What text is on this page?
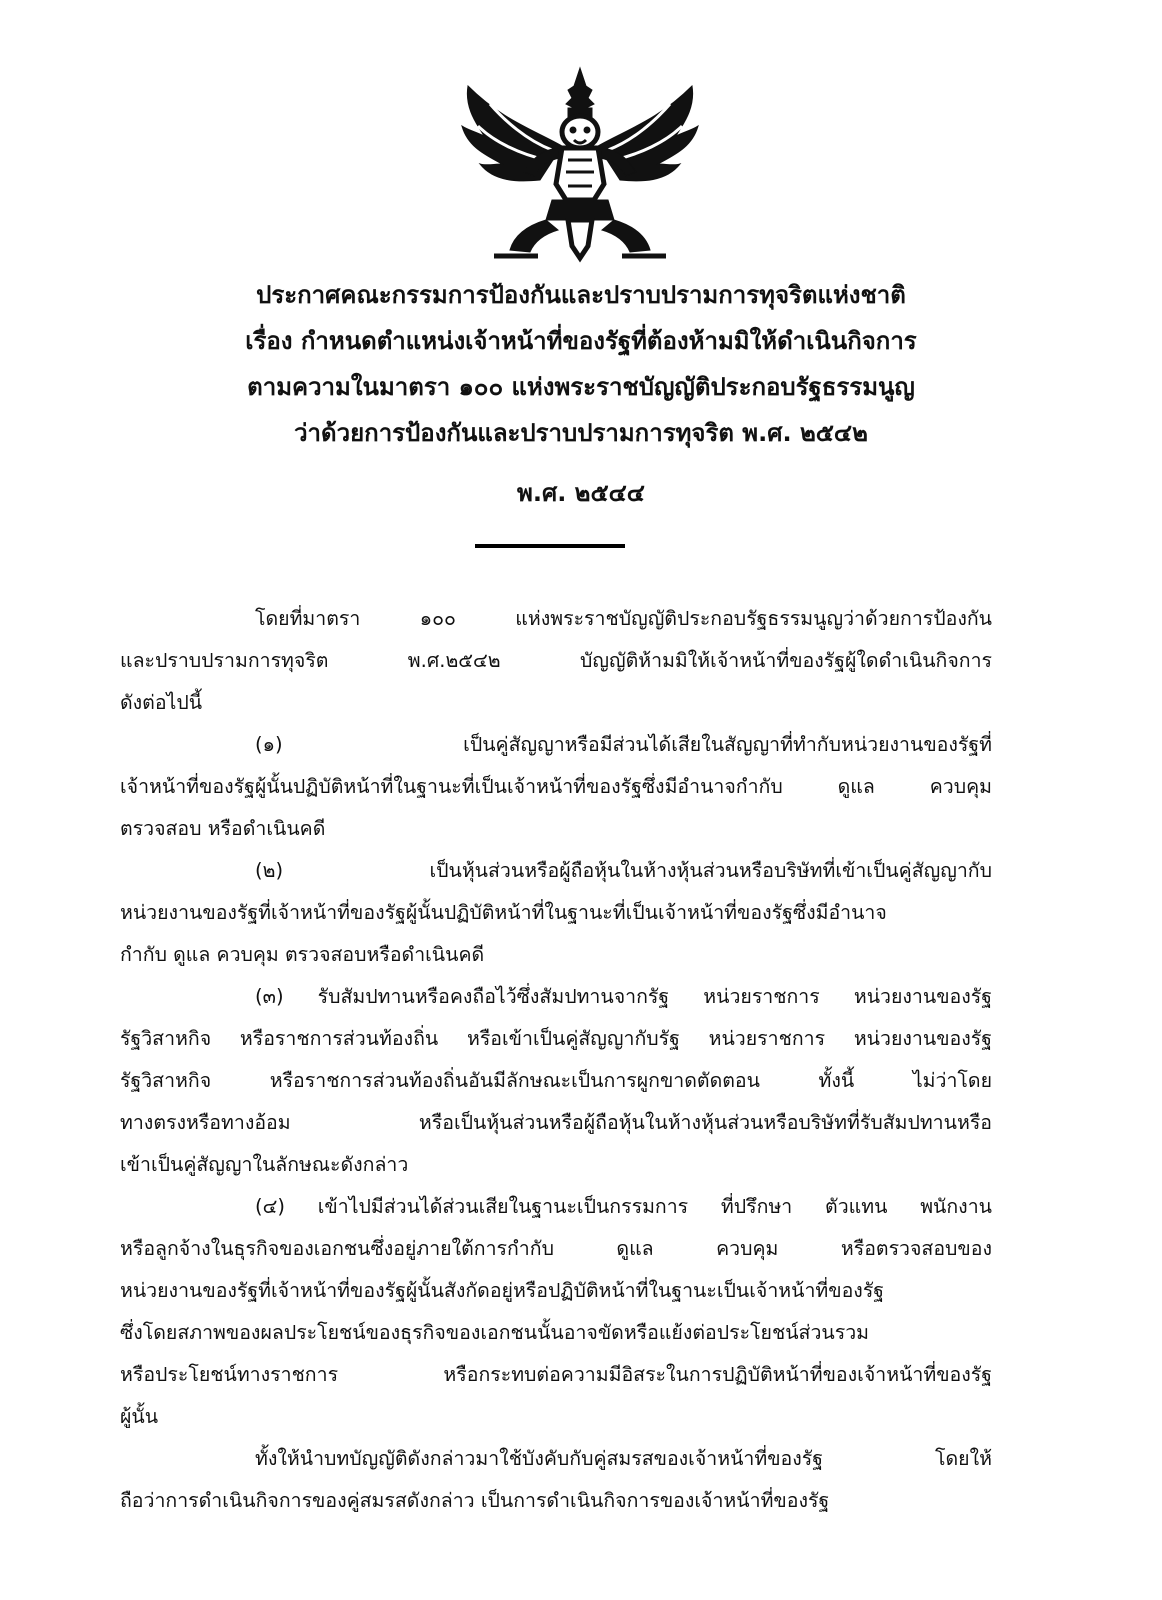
ประกาศคณะกรรมการป้องกันและปราบปรามการทุจริตแห่งชาติ
เรื่อง กำหนดตำแหน่งเจ้าหน้าที่ของรัฐที่ต้องห้ามมิให้ดำเนินกิจการ
ตามความในมาตรา ๑๐๐ แห่งพระราชบัญญัติประกอบรัฐธรรมนูญ
ว่าด้วยการป้องกันและปราบปรามการทุจริต พ.ศ. ๒๕๔๒
พ.ศ. ๒๕๔๔
โดยที่มาตรา ๑๐๐ แห่งพระราชบัญญัติประกอบรัฐธรรมนูญว่าด้วยการป้องกัน
และปราบปรามการทุจริต พ.ศ.๒๕๔๒ บัญญัติห้ามมิให้เจ้าหน้าที่ของรัฐผู้ใดดำเนินกิจการ
ดังต่อไปนี้
(๑) เป็นคู่สัญญาหรือมีส่วนได้เสียในสัญญาที่ทำกับหน่วยงานของรัฐที่
เจ้าหน้าที่ของรัฐผู้นั้นปฏิบัติหน้าที่ในฐานะที่เป็นเจ้าหน้าที่ของรัฐซึ่งมีอำนาจกำกับ ดูแล ควบคุม
ตรวจสอบ หรือดำเนินคดี
(๒) เป็นหุ้นส่วนหรือผู้ถือหุ้นในห้างหุ้นส่วนหรือบริษัทที่เข้าเป็นคู่สัญญากับ
หน่วยงานของรัฐที่เจ้าหน้าที่ของรัฐผู้นั้นปฏิบัติหน้าที่ในฐานะที่เป็นเจ้าหน้าที่ของรัฐซึ่งมีอำนาจ
กำกับ ดูแล ควบคุม ตรวจสอบหรือดำเนินคดี
(๓) รับสัมปทานหรือคงถือไว้ซึ่งสัมปทานจากรัฐ หน่วยราชการ หน่วยงานของรัฐ
รัฐวิสาหกิจ หรือราชการส่วนท้องถิ่น หรือเข้าเป็นคู่สัญญากับรัฐ หน่วยราชการ หน่วยงานของรัฐ
รัฐวิสาหกิจ หรือราชการส่วนท้องถิ่นอันมีลักษณะเป็นการผูกขาดตัดตอน ทั้งนี้ ไม่ว่าโดย
ทางตรงหรือทางอ้อม หรือเป็นหุ้นส่วนหรือผู้ถือหุ้นในห้างหุ้นส่วนหรือบริษัทที่รับสัมปทานหรือ
เข้าเป็นคู่สัญญาในลักษณะดังกล่าว
(๔) เข้าไปมีส่วนได้ส่วนเสียในฐานะเป็นกรรมการ ที่ปรึกษา ตัวแทน พนักงาน
หรือลูกจ้างในธุรกิจของเอกชนซึ่งอยู่ภายใต้การกำกับ ดูแล ควบคุม หรือตรวจสอบของ
หน่วยงานของรัฐที่เจ้าหน้าที่ของรัฐผู้นั้นสังกัดอยู่หรือปฏิบัติหน้าที่ในฐานะเป็นเจ้าหน้าที่ของรัฐ
ซึ่งโดยสภาพของผลประโยชน์ของธุรกิจของเอกชนนั้นอาจขัดหรือแย้งต่อประโยชน์ส่วนรวม
หรือประโยชน์ทางราชการ หรือกระทบต่อความมีอิสระในการปฏิบัติหน้าที่ของเจ้าหน้าที่ของรัฐ
ผู้นั้น
ทั้งให้นำบทบัญญัติดังกล่าวมาใช้บังคับกับคู่สมรสของเจ้าหน้าที่ของรัฐ โดยให้
ถือว่าการดำเนินกิจการของคู่สมรสดังกล่าว เป็นการดำเนินกิจการของเจ้าหน้าที่ของรัฐ
